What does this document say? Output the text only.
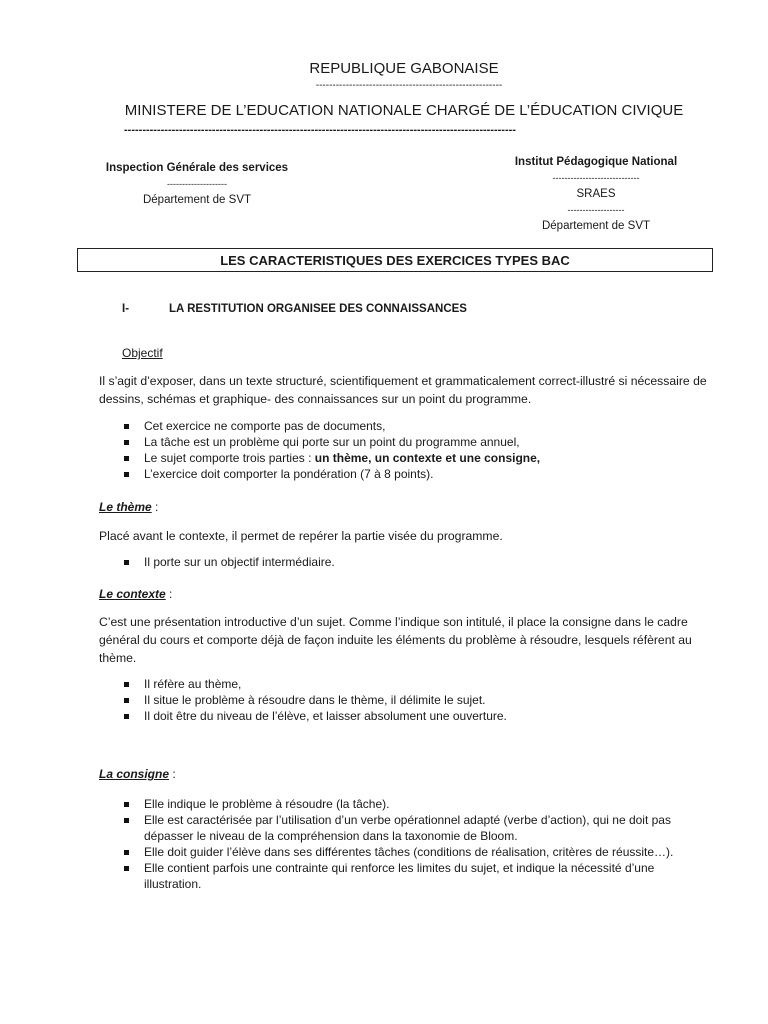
REPUBLIQUE GABONAISE
--------------------------------------------------------
MINISTERE DE L’EDUCATION NATIONALE CHARGÉ DE L’ÉDUCATION CIVIQUE
-----------------------------------------------------------------------------------------------------------
Inspection Générale des services
--------------------
Département de SVT
Institut Pédagogique National
-----------------------------
SRAES
-------------------
Département de SVT
LES CARACTERISTIQUES DES EXERCICES TYPES BAC
I-	LA RESTITUTION ORGANISEE DES CONNAISSANCES
Objectif
Il s’agit d’exposer, dans un texte structuré, scientifiquement et grammaticalement correct-illustré si nécessaire de dessins, schémas et graphique- des connaissances sur un point du programme.
Cet exercice ne comporte pas de documents,
La tâche est un problème qui porte sur un point du programme annuel,
Le sujet comporte trois parties : un thème, un contexte et une consigne,
L’exercice doit comporter la pondération (7 à 8 points).
Le thème :
Placé avant le contexte, il permet de repérer la partie visée du programme.
Il porte sur un objectif intermédiaire.
Le contexte :
C’est une présentation introductive d’un sujet. Comme l’indique son intitulé, il place la consigne dans le cadre général du cours et comporte déjà de façon induite les éléments du problème à résoudre, lesquels réfèrent au thème.
Il réfère au thème,
Il situe le problème à résoudre dans le thème, il délimite le sujet.
Il doit être du niveau de l’élève, et laisser absolument une ouverture.
La consigne :
Elle indique le problème à résoudre (la tâche).
Elle est caractérisée par l’utilisation d’un verbe opérationnel adapté (verbe d’action), qui ne doit pas dépasser le niveau de la compréhension dans la taxonomie de Bloom.
Elle doit guider l’élève dans ses différentes tâches (conditions de réalisation, critères de réussite…).
Elle contient parfois une contrainte qui renforce les limites du sujet, et indique la nécessité d’une illustration.
